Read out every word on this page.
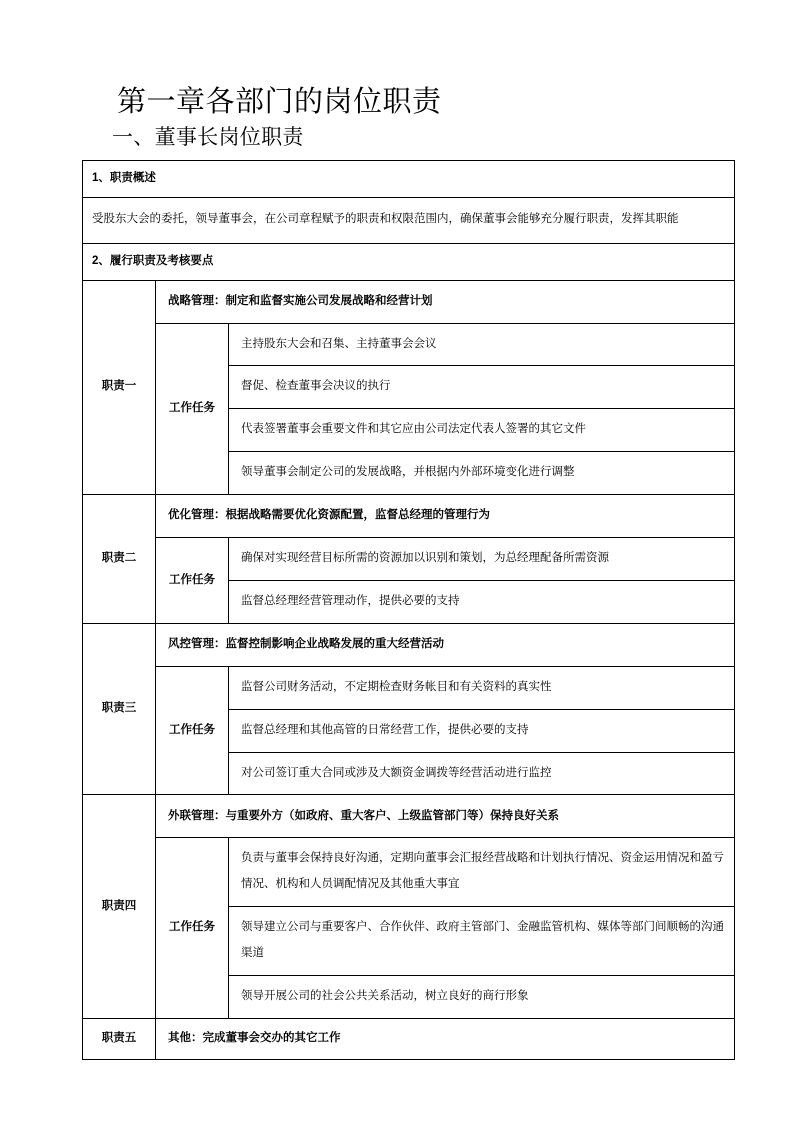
第一章各部门的岗位职责
一、董事长岗位职责
1、职责概述		

受股东大会的委托，领导董事会，在公司章程赋予的职责和权限范围内，确保董事会能够充分履行职责，发挥其职能		

2、履行职责及考核要点		

职责一	战略管理：制定和监督实施公司发展战略和经营计划	

	工作任务	主持股东大会和召集、主持董事会会议

		督促、检查董事会决议的执行

		代表签署董事会重要文件和其它应由公司法定代表人签署的其它文件

		领导董事会制定公司的发展战略，并根据内外部环境变化进行调整

职责二	优化管理：根据战略需要优化资源配置，监督总经理的管理行为	

	工作任务	确保对实现经营目标所需的资源加以识别和策划，为总经理配备所需资源

		监督总经理经营管理动作，提供必要的支持

职责三	风控管理：监督控制影响企业战略发展的重大经营活动	

	工作任务	监督公司财务活动，不定期检查财务帐目和有关资料的真实性

		监督总经理和其他高管的日常经营工作，提供必要的支持

		对公司签订重大合同或涉及大额资金调拨等经营活动进行监控

职责四	外联管理：与重要外方（如政府、重大客户、上级监管部门等）保持良好关系	

	工作任务	负责与董事会保持良好沟通，定期向董事会汇报经营战略和计划执行情况、资金运用情况和盈亏情况、机构和人员调配情况及其他重大事宜

		领导建立公司与重要客户、合作伙伴、政府主管部门、金融监管机构、媒体等部门间顺畅的沟通渠道

		领导开展公司的社会公共关系活动，树立良好的商行形象

职责五	其他：完成董事会交办的其它工作	
